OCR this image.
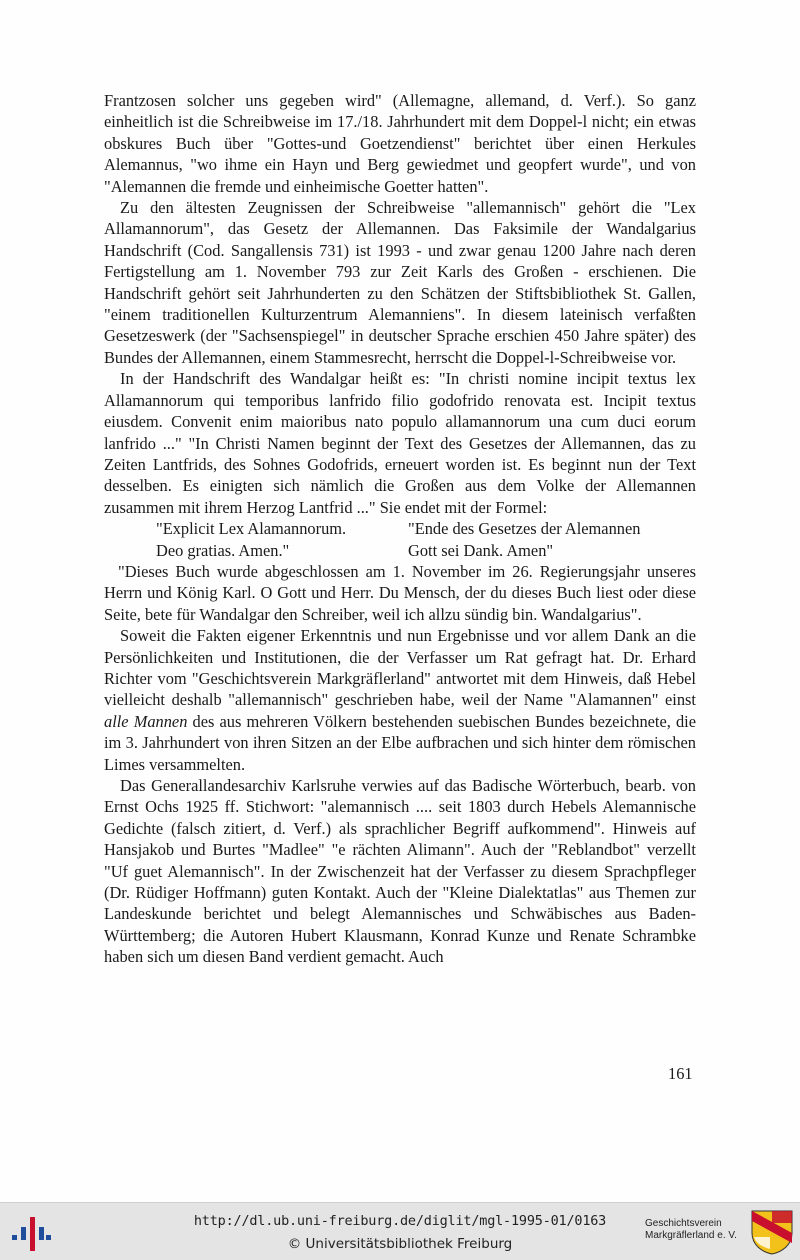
Frantzosen solcher uns gegeben wird" (Allemagne, allemand, d. Verf.). So ganz einheitlich ist die Schreibweise im 17./18. Jahrhundert mit dem Doppel-l nicht; ein etwas obskures Buch über "Gottes-und Goetzendienst" berichtet über einen Herkules Alemannus, "wo ihme ein Hayn und Berg gewiedmet und geopfert wurde", und von "Alemannen die fremde und einheimische Goetter hatten".

Zu den ältesten Zeugnissen der Schreibweise "allemannisch" gehört die "Lex Allamannorum", das Gesetz der Allemannen. Das Faksimile der Wandalgarius Handschrift (Cod. Sangallensis 731) ist 1993 - und zwar genau 1200 Jahre nach deren Fertigstellung am 1. November 793 zur Zeit Karls des Großen - erschienen. Die Handschrift gehört seit Jahrhunderten zu den Schätzen der Stiftsbibliothek St. Gallen, "einem traditionellen Kulturzentrum Alemanniens". In diesem lateinisch verfaßten Gesetzeswerk (der "Sachsenspiegel" in deutscher Sprache erschien 450 Jahre später) des Bundes der Allemannen, einem Stammesrecht, herrscht die Doppel-l-Schreibweise vor.

In der Handschrift des Wandalgar heißt es: "In christi nomine incipit textus lex Allamannorum qui temporibus lanfrido filio godofrido renovata est. Incipit textus eiusdem. Convenit enim maioribus nato populo allamannorum una cum duci eorum lanfrido ..." "In Christi Namen beginnt der Text des Gesetzes der Allemannen, das zu Zeiten Lantfrids, des Sohnes Godofrids, erneuert worden ist. Es beginnt nun der Text desselben. Es einigten sich nämlich die Großen aus dem Volke der Allemannen zusammen mit ihrem Herzog Lantfrid ..." Sie endet mit der Formel:

"Explicit Lex Alamannorum.	"Ende des Gesetzes der Alemannen
Deo gratias. Amen."	Gott sei Dank. Amen"

"Dieses Buch wurde abgeschlossen am 1. November im 26. Regierungsjahr unseres Herrn und König Karl. O Gott und Herr. Du Mensch, der du dieses Buch liest oder diese Seite, bete für Wandalgar den Schreiber, weil ich allzu sündig bin. Wandalgarius".

Soweit die Fakten eigener Erkenntnis und nun Ergebnisse und vor allem Dank an die Persönlichkeiten und Institutionen, die der Verfasser um Rat gefragt hat. Dr. Erhard Richter vom "Geschichtsverein Markgräflerland" antwortet mit dem Hinweis, daß Hebel vielleicht deshalb "allemannisch" geschrieben habe, weil der Name "Alamannen" einst alle Mannen des aus mehreren Völkern bestehenden suebischen Bundes bezeichnete, die im 3. Jahrhundert von ihren Sitzen an der Elbe aufbrachen und sich hinter dem römischen Limes versammelten.

Das Generallandesarchiv Karlsruhe verwies auf das Badische Wörterbuch, bearb. von Ernst Ochs 1925 ff. Stichwort: "alemannisch .... seit 1803 durch Hebels Alemannische Gedichte (falsch zitiert, d. Verf.) als sprachlicher Begriff aufkommend". Hinweis auf Hansjakob und Burtes "Madlee" "e rächten Alimann". Auch der "Reblandbot" verzellt "Uf guet Alemannisch". In der Zwischenzeit hat der Verfasser zu diesem Sprachpfleger (Dr. Rüdiger Hoffmann) guten Kontakt. Auch der "Kleine Dialektatlas" aus Themen zur Landeskunde berichtet und belegt Alemannisches und Schwäbisches aus Baden-Württemberg; die Autoren Hubert Klausmann, Konrad Kunze und Renate Schrambke haben sich um diesen Band verdient gemacht. Auch

161
http://dl.ub.uni-freiburg.de/diglit/mgl-1995-01/0163
© Universitätsbibliothek Freiburg
Geschichtsverein
Markgräflerland e. V.
